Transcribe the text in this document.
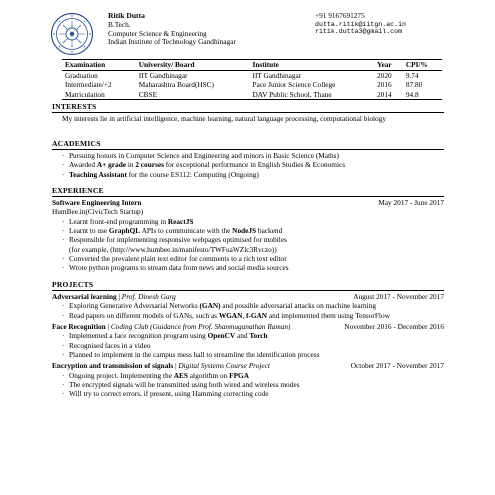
Ritik Dutta
B.Tech.
Computer Science & Engineering
Indian Institute of Technology Gandhinagar
+91 9167691275
dutta.ritik@iitgn.ac.in
ritik.dutta3@gmail.com
Examination	University/ Board	Institute	Year	CPI/%
Graduation	IIT Gandhinagar	IIT Gandhinagar	2020	9.74
Intermediate/+2	Maharashtra Board(HSC)	Pace Junior Science College	2016	87.80
Matriculation	CBSE	DAV Public School, Thane	2014	94.8
INTERESTS
My interests lie in artificial intelligence, machine learning, natural language processing, computational biology
ACADEMICS
· Pursuing honors in Computer Science and Engineering and minors in Basic Science (Maths)
· Awarded A+ grade in 2 courses for exceptional performance in English Studies & Economics
· Teaching Assistant for the course ES112: Computing (Ongoing)
EXPERIENCE
Software Engineering Intern	May 2017 - June 2017
HumBee.in(CivicTech Startup)
· Learnt front-end programming in ReactJS
· Learnt to use GraphQL APIs to communicate with the NodeJS backend
· Responsible for implementing responsive webpages optimised for mobiles
(for example, (http://www.humbee.in/manifesto/TWFuaWZlc3Rvczo))
· Converted the prevalent plain text editor for comments to a rich text editor
· Wrote python programs to stream data from news and social media sources
PROJECTS
Adversarial learning | Prof. Dinesh Garg	August 2017 - November 2017
· Exploring Generative Adversarial Networks (GAN) and possible adversarial attacks on machine learning
· Read papers on different models of GANs, such as WGAN, f-GAN and implemented them using TensorFlow
Face Recognition | Coding Club (Guidance from Prof. Shanmuganathan Raman)	November 2016 - December 2016
· Implemented a face recognition program using OpenCV and Torch
· Recognised faces in a video
· Planned to implement in the campus mess hall to streamline the identification process
Encryption and transmission of signals | Digital Systems Course Project	October 2017 - November 2017
· Ongoing project. Implementing the AES algorithm on FPGA
· The encrypted signals will be transmitted using both wired and wireless modes
· Will try to correct errors, if present, using Hamming correcting code
